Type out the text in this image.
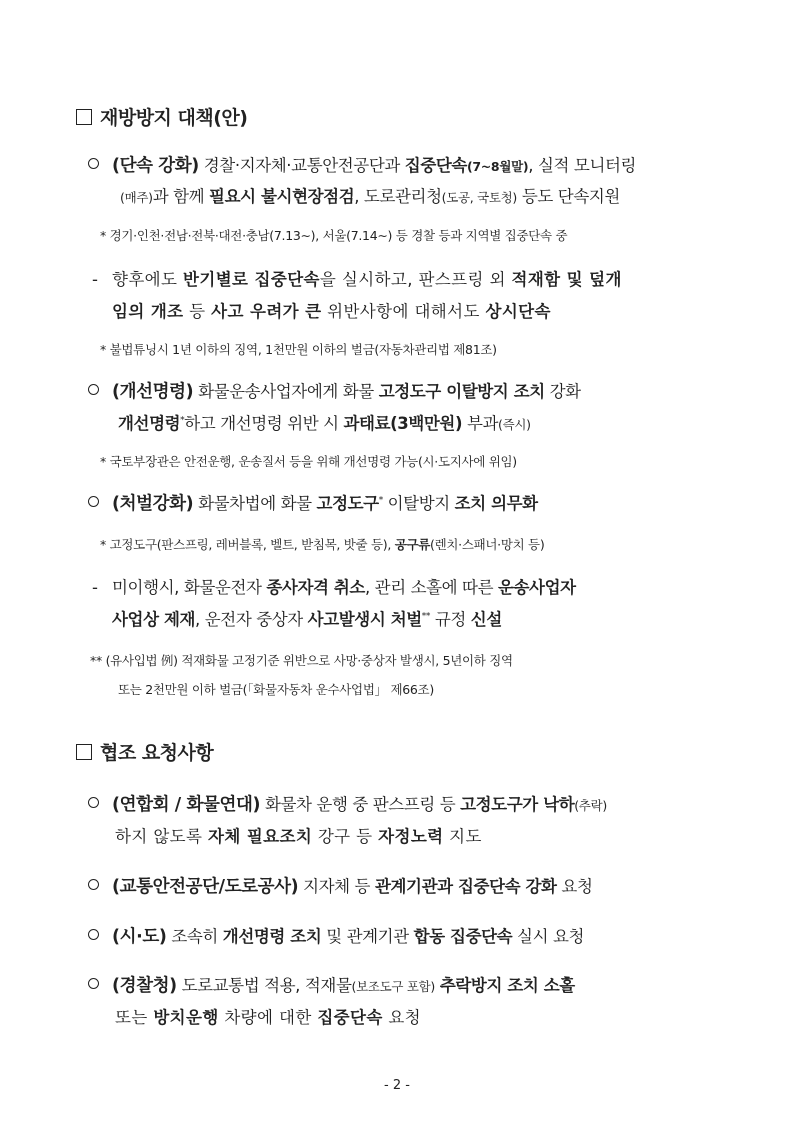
재방방지 대책(안)
(단속 강화) 경찰·지자체·교통안전공단과 집중단속(7~8월말), 실적 모니터링
(매주)과 함께 필요시 불시현장점검, 도로관리청(도공, 국토청) 등도 단속지원
* 경기·인천·전남·전북·대전·충남(7.13∼), 서울(7.14∼) 등 경찰 등과 지역별 집중단속 중
- 향후에도 반기별로 집중단속을 실시하고, 판스프링 외 적재함 및 덮개
임의 개조 등 사고 우려가 큰 위반사항에 대해서도 상시단속
* 불법튜닝시 1년 이하의 징역, 1천만원 이하의 벌금(자동차관리법 제81조)
(개선명령) 화물운송사업자에게 화물 고정도구 이탈방지 조치 강화
개선명령*하고 개선명령 위반 시 과태료(3백만원) 부과(즉시)
* 국토부장관은 안전운행, 운송질서 등을 위해 개선명령 가능(시·도지사에 위임)
(처벌강화) 화물차법에 화물 고정도구* 이탈방지 조치 의무화
* 고정도구(판스프링, 레버블록, 벨트, 받침목, 밧줄 등), 공구류(렌치·스패너·망치 등)
- 미이행시, 화물운전자 종사자격 취소, 관리 소홀에 따른 운송사업자
사업상 제재, 운전자 중상자 사고발생시 처벌** 규정 신설
** (유사입법 例) 적재화물 고정기준 위반으로 사망·중상자 발생시, 5년이하 징역
또는 2천만원 이하 벌금(「화물자동차 운수사업법」 제66조)
협조 요청사항
(연합회 / 화물연대) 화물차 운행 중 판스프링 등 고정도구가 낙하(추락)
하지 않도록 자체 필요조치 강구 등 자정노력 지도
(교통안전공단/도로공사) 지자체 등 관계기관과 집중단속 강화 요청
(시·도) 조속히 개선명령 조치 및 관계기관 합동 집중단속 실시 요청
(경찰청) 도로교통법 적용, 적재물(보조도구 포함) 추락방지 조치 소홀
또는 방치운행 차량에 대한 집중단속 요청
- 2 -
